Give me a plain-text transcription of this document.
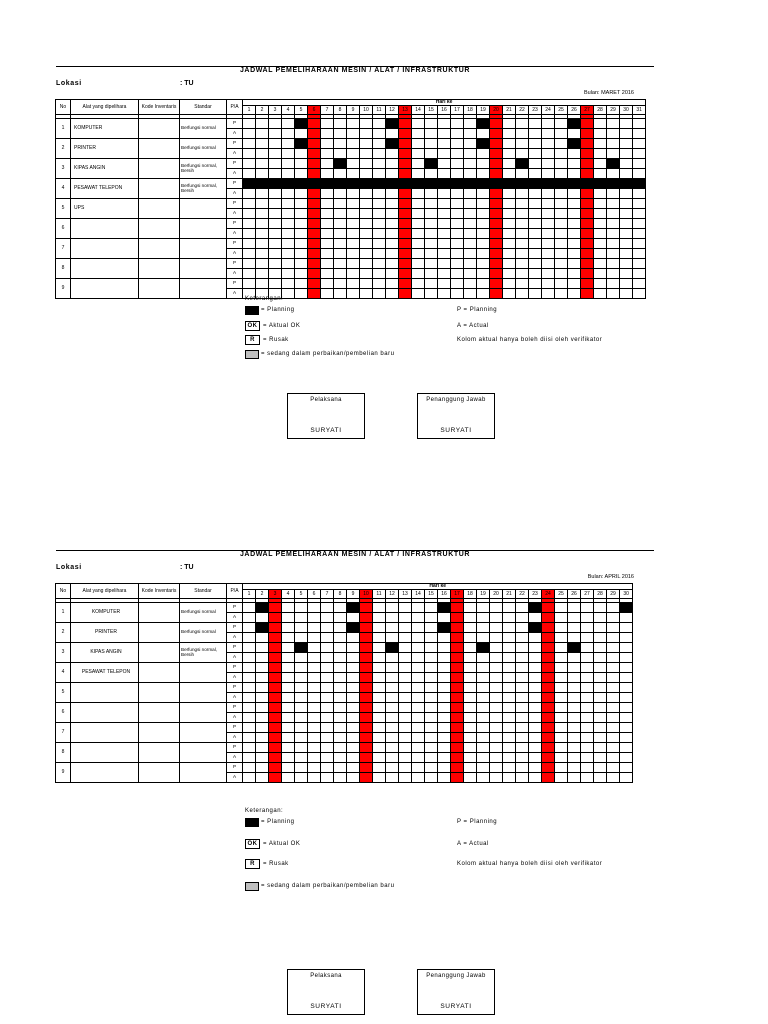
JADWAL PEMELIHARAAN MESIN / ALAT / INFRASTRUKTUR
Lokasi	: TU
Bulan: MARET 2016
No	Alat yang dipelihara	Kode Inventaris	Standar	P/A	Hari ke																														
					1	2	3	4	5	6	7	8	9	10	11	12	13	14	15	16	17	18	19	20	21	22	23	24	25	26	27	28	29	30	31

1	KOMPUTER		Berfungsi normal	P																															
				A																															
2	PRINTER		Berfungsi normal	P																															
				A																															
3	KIPAS ANGIN		Berfungsi normal, Bersih	P																															
				A																															
4	PESAWAT TELEPON		Berfungsi normal, Bersih	P																															
				A																															
5	UPS			P																															
				A																															
6				P																															
				A																															
7				P																															
				A																															
8				P																															
				A																															
9				P																															
				A																															
Keterangan:
= Planning	P = Planning
OK = Aktual OK	A = Actual
R	= Rusak	Kolom aktual hanya boleh diisi oleh verifikator
= sedang dalam perbaikan/pembelian baru
Pelaksana
SURYATI
Penanggung Jawab
SURYATI
JADWAL PEMELIHARAAN MESIN / ALAT / INFRASTRUKTUR
Lokasi	: TU
Bulan: APRIL 2016
No	Alat yang dipelihara	Kode Inventaris	Standar	P/A	Hari ke																													
					1	2	3	4	5	6	7	8	9	10	11	12	13	14	15	16	17	18	19	20	21	22	23	24	25	26	27	28	29	30

1	KOMPUTER		Berfungsi normal	P																														
				A																														
2	PRINTER		Berfungsi normal	P																														
				A																														
3	KIPAS ANGIN		Berfungsi normal, Bersih	P																														
				A																														
4	PESAWAT TELEPON			P																														
				A																														
5				P																														
				A																														
6				P																														
				A																														
7				P																														
				A																														
8				P																														
				A																														
9				P																														
				A																														
Keterangan:
= Planning	P = Planning
OK = Aktual OK	A = Actual
R	= Rusak	Kolom aktual hanya boleh diisi oleh verifikator
= sedang dalam perbaikan/pembelian baru
Pelaksana
SURYATI
Penanggung Jawab
SURYATI
